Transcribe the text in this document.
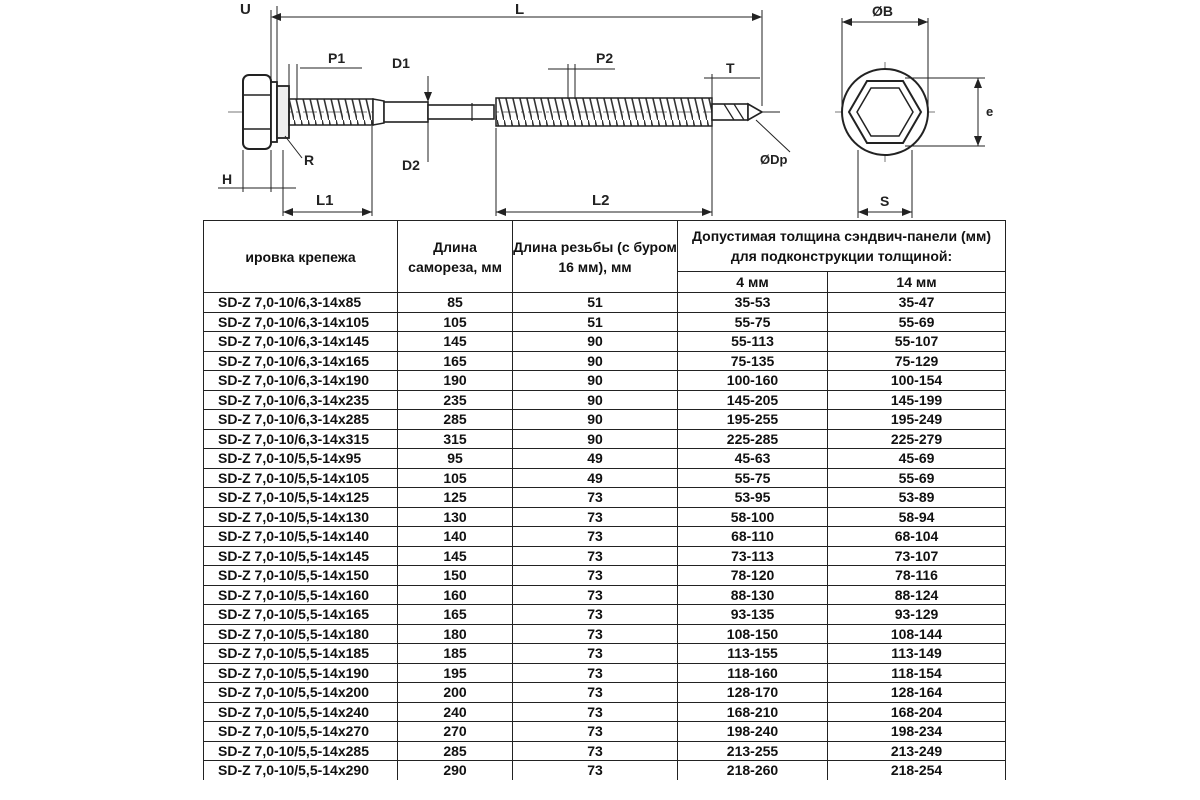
L
U
P1	D1	P2
T
ØDp
R	D2
H
L1	L2
ØB
e
S
ировка крепежа	Длина самореза, мм	Длина резьбы (с буром 16 мм), мм	Допустимая толщина сэндвич-панели (мм) для подконструкции толщиной:	
			4 мм	14 мм
SD-Z 7,0-10/6,3-14x85	85	51	35-53	35-47
SD-Z 7,0-10/6,3-14x105	105	51	55-75	55-69
SD-Z 7,0-10/6,3-14x145	145	90	55-113	55-107
SD-Z 7,0-10/6,3-14x165	165	90	75-135	75-129
SD-Z 7,0-10/6,3-14x190	190	90	100-160	100-154
SD-Z 7,0-10/6,3-14x235	235	90	145-205	145-199
SD-Z 7,0-10/6,3-14x285	285	90	195-255	195-249
SD-Z 7,0-10/6,3-14x315	315	90	225-285	225-279
SD-Z 7,0-10/5,5-14x95	95	49	45-63	45-69
SD-Z 7,0-10/5,5-14x105	105	49	55-75	55-69
SD-Z 7,0-10/5,5-14x125	125	73	53-95	53-89
SD-Z 7,0-10/5,5-14x130	130	73	58-100	58-94
SD-Z 7,0-10/5,5-14x140	140	73	68-110	68-104
SD-Z 7,0-10/5,5-14x145	145	73	73-113	73-107
SD-Z 7,0-10/5,5-14x150	150	73	78-120	78-116
SD-Z 7,0-10/5,5-14x160	160	73	88-130	88-124
SD-Z 7,0-10/5,5-14x165	165	73	93-135	93-129
SD-Z 7,0-10/5,5-14x180	180	73	108-150	108-144
SD-Z 7,0-10/5,5-14x185	185	73	113-155	113-149
SD-Z 7,0-10/5,5-14x190	195	73	118-160	118-154
SD-Z 7,0-10/5,5-14x200	200	73	128-170	128-164
SD-Z 7,0-10/5,5-14x240	240	73	168-210	168-204
SD-Z 7,0-10/5,5-14x270	270	73	198-240	198-234
SD-Z 7,0-10/5,5-14x285	285	73	213-255	213-249
SD-Z 7,0-10/5,5-14x290	290	73	218-260	218-254
